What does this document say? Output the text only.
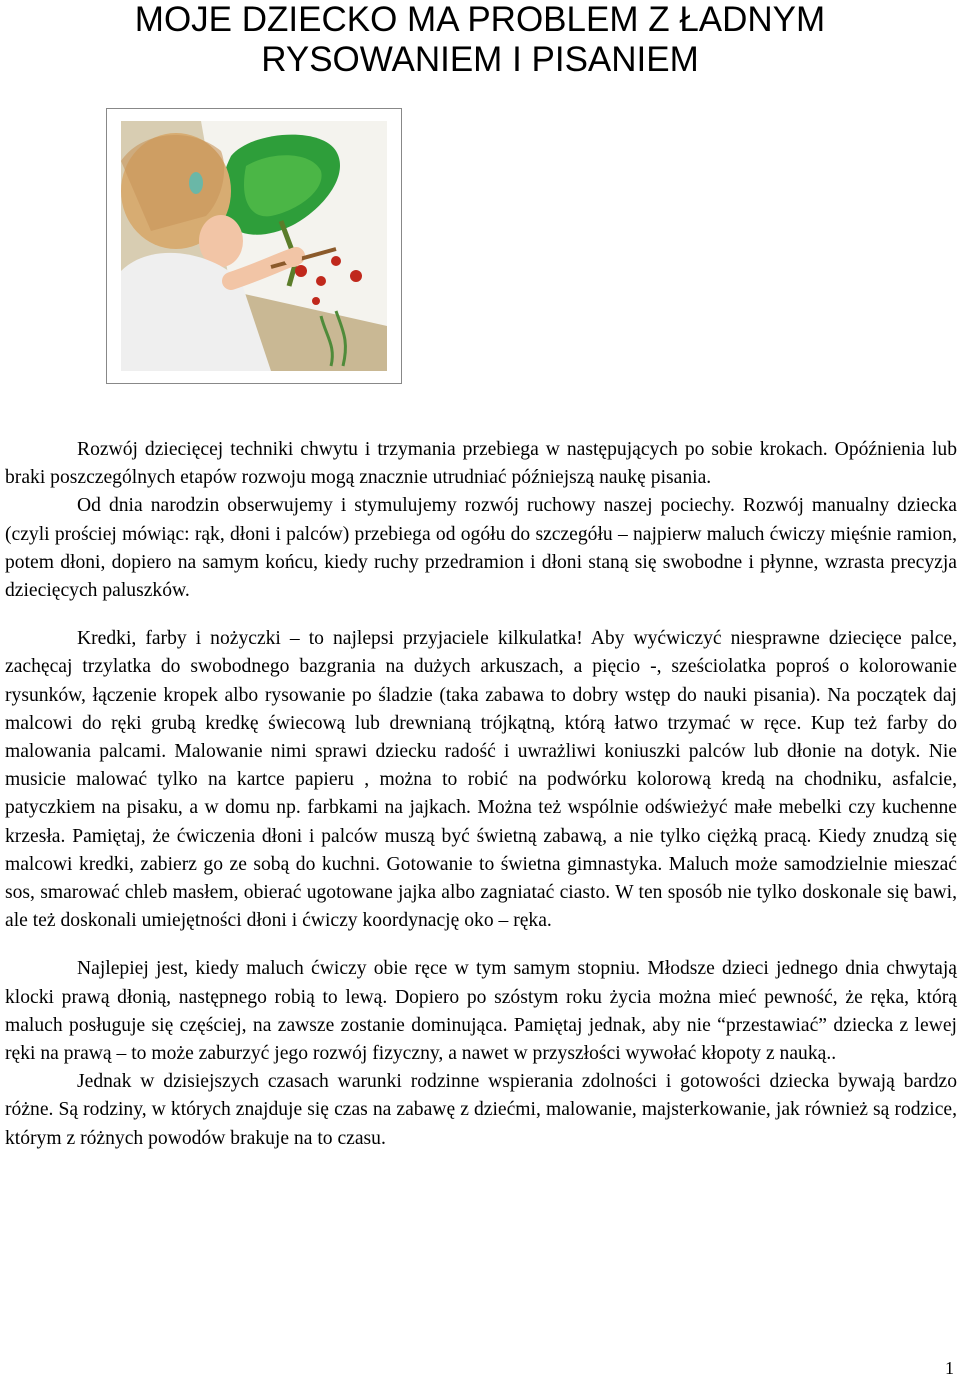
MOJE DZIECKO MA PROBLEM Z ŁADNYM
RYSOWANIEM I PISANIEM

Rozwój dziecięcej techniki chwytu i trzymania przebiega w następujących po sobie krokach. Opóźnienia lub braki poszczególnych etapów rozwoju mogą znacznie utrudniać późniejszą naukę pisania.

Od dnia narodzin obserwujemy i stymulujemy rozwój ruchowy naszej pociechy. Rozwój manualny dziecka (czyli prościej mówiąc: rąk, dłoni i palców) przebiega od ogółu do szczegółu – najpierw maluch ćwiczy mięśnie ramion, potem dłoni, dopiero na samym końcu, kiedy ruchy przedramion i dłoni staną się swobodne i płynne, wzrasta precyzja dziecięcych paluszków.

Kredki, farby i nożyczki – to najlepsi przyjaciele kilkulatka! Aby wyćwiczyć niesprawne dziecięce palce, zachęcaj trzylatka do swobodnego bazgrania na dużych arkuszach, a pięcio -, sześciolatka poproś o kolorowanie rysunków, łączenie kropek albo rysowanie po śladzie (taka zabawa to dobry wstęp do nauki pisania). Na początek daj malcowi do ręki grubą kredkę świecową lub drewnianą trójkątną, którą łatwo trzymać w ręce. Kup też farby do malowania palcami. Malowanie nimi sprawi dziecku radość i uwrażliwi koniuszki palców lub dłonie na dotyk. Nie musicie malować tylko na kartce papieru , można to robić na podwórku kolorową kredą na chodniku, asfalcie, patyczkiem na pisaku, a w domu np. farbkami na jajkach. Można też wspólnie odświeżyć małe mebelki czy kuchenne krzesła. Pamiętaj, że ćwiczenia dłoni i palców muszą być świetną zabawą, a nie tylko ciężką pracą. Kiedy znudzą się malcowi kredki, zabierz go ze sobą do kuchni. Gotowanie to świetna gimnastyka. Maluch może samodzielnie mieszać sos, smarować chleb masłem, obierać ugotowane jajka albo zagniatać ciasto. W ten sposób nie tylko doskonale się bawi, ale też doskonali umiejętności dłoni i ćwiczy koordynację oko – ręka.

Najlepiej jest, kiedy maluch ćwiczy obie ręce w tym samym stopniu. Młodsze dzieci jednego dnia chwytają klocki prawą dłonią, następnego robią to lewą. Dopiero po szóstym roku życia można mieć pewność, że ręka, którą maluch posługuje się częściej, na zawsze zostanie dominująca. Pamiętaj jednak, aby nie “przestawiać” dziecka z lewej ręki na prawą – to może zaburzyć jego rozwój fizyczny, a nawet w przyszłości wywołać kłopoty z nauką..

Jednak w dzisiejszych czasach warunki rodzinne wspierania zdolności i gotowości dziecka bywają bardzo różne. Są rodziny, w których znajduje się czas na zabawę z dziećmi, malowanie, majsterkowanie, jak również są rodzice, którym z różnych powodów brakuje na to czasu.

1
